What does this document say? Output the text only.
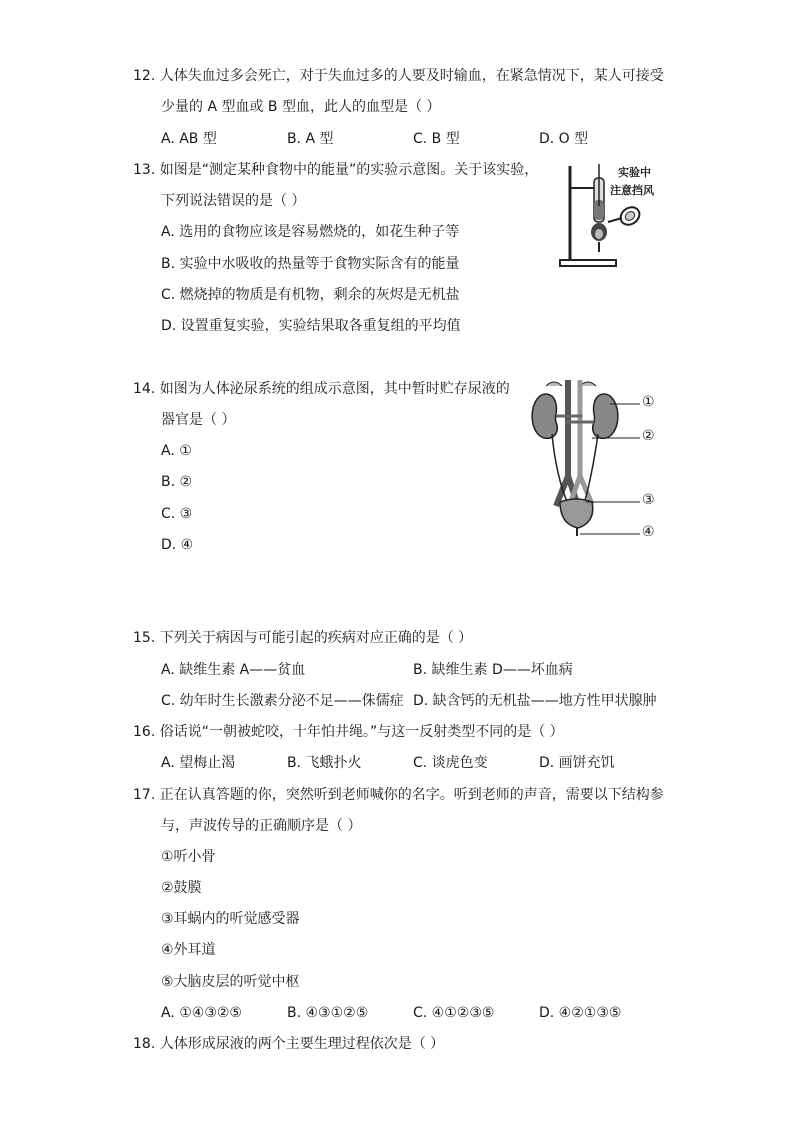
12. 人体失血过多会死亡，对于失血过多的人要及时输血，在紧急情况下，某人可接受
少量的 A 型血或 B 型血，此人的血型是（ ）
A. AB 型	B. A 型	C. B 型	D. O 型
13. 如图是“测定某种食物中的能量”的实验示意图。关于该实验，
下列说法错误的是（ ）
A. 选用的食物应该是容易燃烧的，如花生种子等
B. 实验中水吸收的热量等于食物实际含有的能量
C. 燃烧掉的物质是有机物，剩余的灰烬是无机盐
D. 设置重复实验，实验结果取各重复组的平均值
实验中
注意挡风
14. 如图为人体泌尿系统的组成示意图，其中暂时贮存尿液的
器官是（ ）
A. ①
B. ②
C. ③
D. ④
①
②
③
④
15. 下列关于病因与可能引起的疾病对应正确的是（ ）
A. 缺维生素 A——贫血	B. 缺维生素 D——坏血病
C. 幼年时生长激素分泌不足——侏儒症 D. 缺含钙的无机盐——地方性甲状腺肿
16. 俗话说“一朝被蛇咬，十年怕井绳。”与这一反射类型不同的是（ ）
A. 望梅止渴	B. 飞蛾扑火	C. 谈虎色变	D. 画饼充饥
17. 正在认真答题的你，突然听到老师喊你的名字。听到老师的声音，需要以下结构参
与，声波传导的正确顺序是（ ）
①听小骨
②鼓膜
③耳蜗内的听觉感受器
④外耳道
⑤大脑皮层的听觉中枢
A. ①④③②⑤	B. ④③①②⑤	C. ④①②③⑤	D. ④②①③⑤
18. 人体形成尿液的两个主要生理过程依次是（ ）
